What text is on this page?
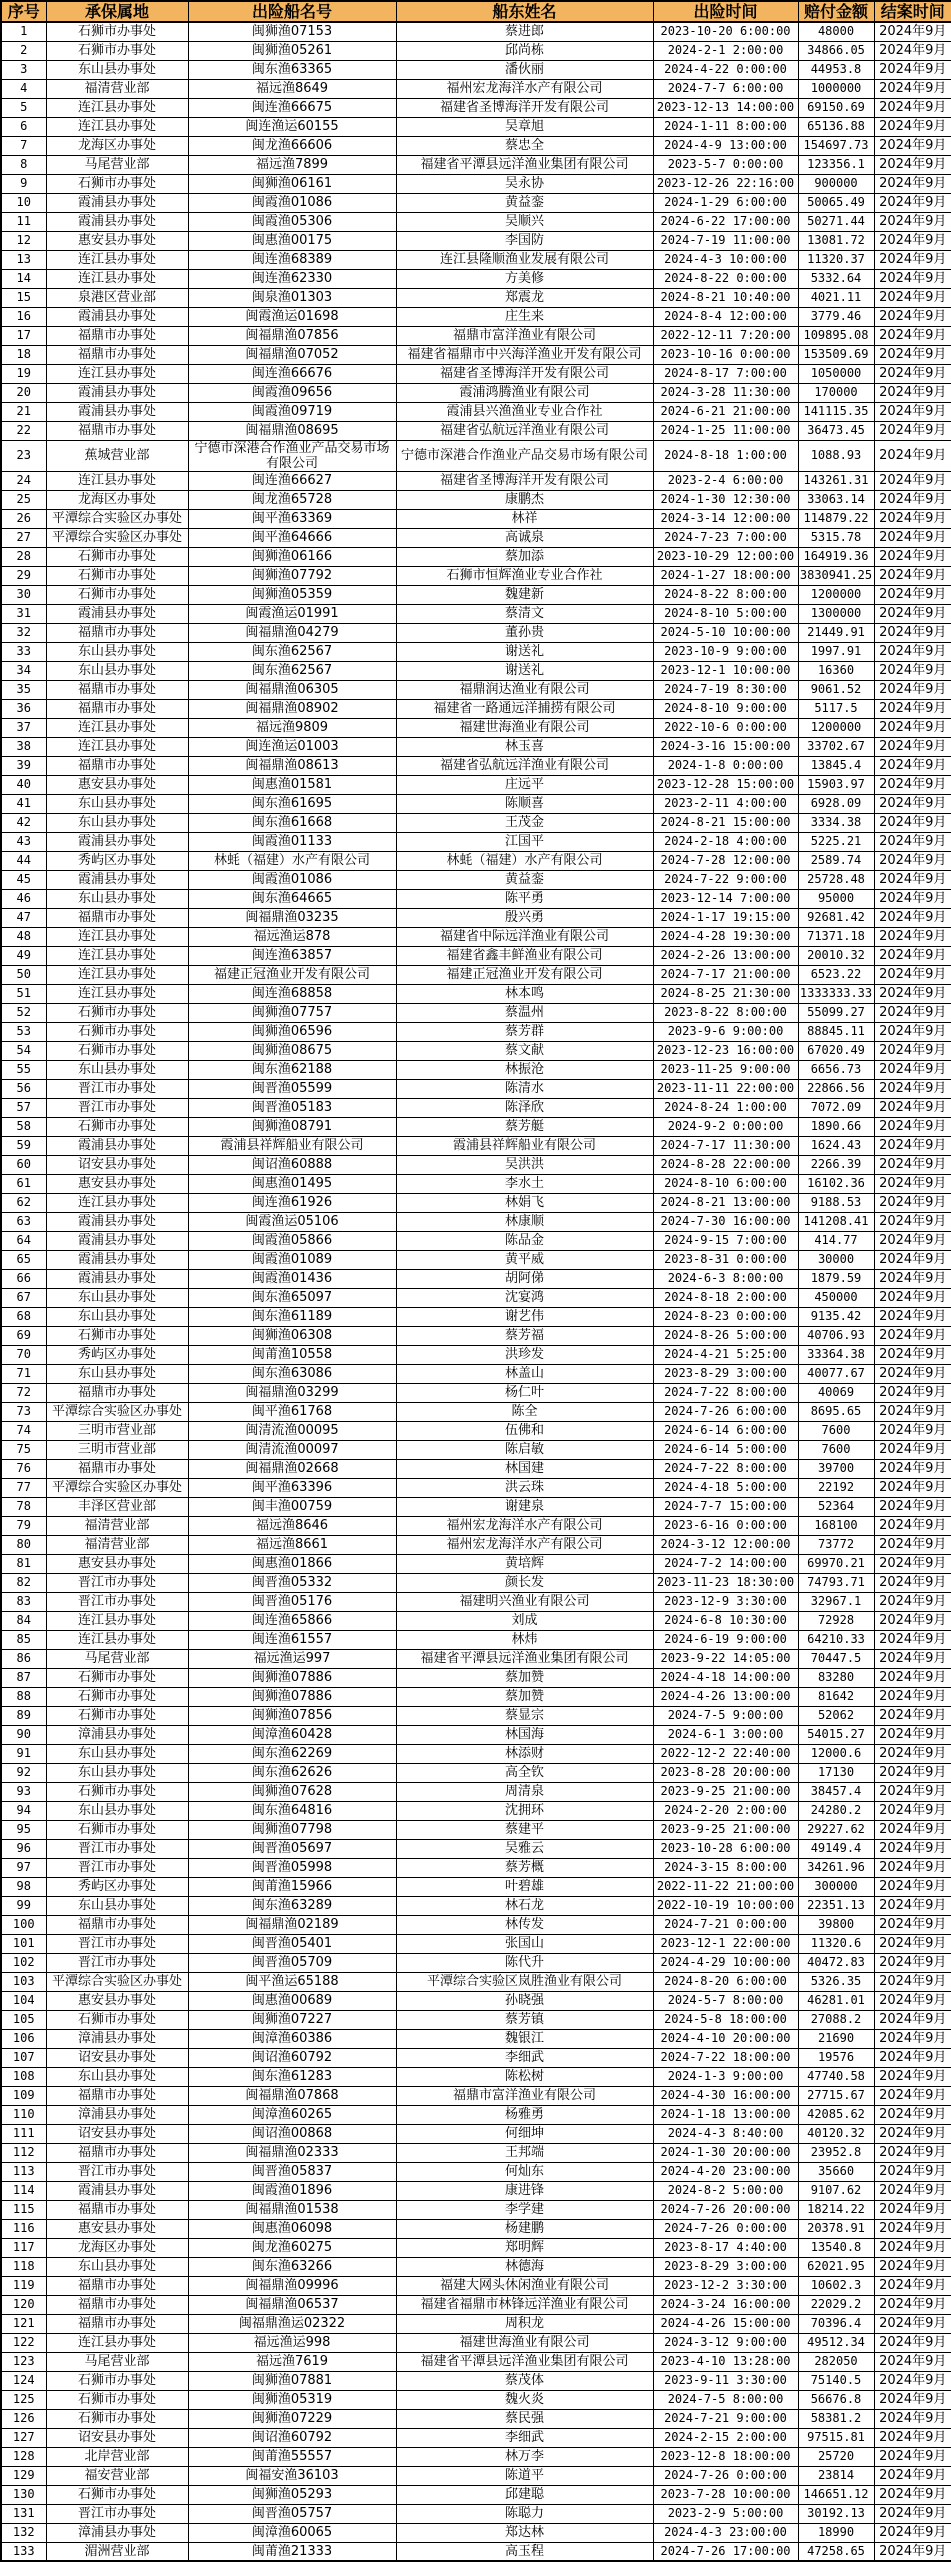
序号	承保属地	出险船名号	船东姓名	出险时间	赔付金额	结案时间
1	石狮市办事处	闽狮渔07153	蔡进郎	2023-10-20 6:00:00	48000	2024年9月
2	石狮市办事处	闽狮渔05261	邱尚栋	2024-2-1 2:00:00	34866.05	2024年9月
3	东山县办事处	闽东渔63365	潘伙丽	2024-4-22 0:00:00	44953.8	2024年9月
4	福清营业部	福远渔8649	福州宏龙海洋水产有限公司	2024-7-7 6:00:00	1000000	2024年9月
5	连江县办事处	闽连渔66675	福建省圣博海洋开发有限公司	2023-12-13 14:00:00	69150.69	2024年9月
6	连江县办事处	闽连渔运60155	吴章旭	2024-1-11 8:00:00	65136.88	2024年9月
7	龙海区办事处	闽龙渔66606	蔡忠全	2024-4-9 13:00:00	154697.73	2024年9月
8	马尾营业部	福远渔7899	福建省平潭县远洋渔业集团有限公司	2023-5-7 0:00:00	123356.1	2024年9月
9	石狮市办事处	闽狮渔06161	吴永协	2023-12-26 22:16:00	900000	2024年9月
10	霞浦县办事处	闽霞渔01086	黄益銮	2024-1-29 6:00:00	50065.49	2024年9月
11	霞浦县办事处	闽霞渔05306	吴顺兴	2024-6-22 17:00:00	50271.44	2024年9月
12	惠安县办事处	闽惠渔00175	李国防	2024-7-19 11:00:00	13081.72	2024年9月
13	连江县办事处	闽连渔68389	连江县隆顺渔业发展有限公司	2024-4-3 10:00:00	11320.37	2024年9月
14	连江县办事处	闽连渔62330	方美修	2024-8-22 0:00:00	5332.64	2024年9月
15	泉港区营业部	闽泉渔01303	郑震龙	2024-8-21 10:40:00	4021.11	2024年9月
16	霞浦县办事处	闽霞渔运01698	庄生来	2024-8-4 12:00:00	3779.46	2024年9月
17	福鼎市办事处	闽福鼎渔07856	福鼎市富洋渔业有限公司	2022-12-11 7:20:00	109895.08	2024年9月
18	福鼎市办事处	闽福鼎渔07052	福建省福鼎市中兴海洋渔业开发有限公司	2023-10-16 0:00:00	153509.69	2024年9月
19	连江县办事处	闽连渔66676	福建省圣博海洋开发有限公司	2024-8-17 7:00:00	1050000	2024年9月
20	霞浦县办事处	闽霞渔09656	霞浦鸿腾渔业有限公司	2024-3-28 11:30:00	170000	2024年9月
21	霞浦县办事处	闽霞渔09719	霞浦县兴渔渔业专业合作社	2024-6-21 21:00:00	141115.35	2024年9月
22	福鼎市办事处	闽福鼎渔08695	福建省弘航远洋渔业有限公司	2024-1-25 11:00:00	36473.45	2024年9月
23	蕉城营业部	宁德市深港合作渔业产品交易市场有限公司	宁德市深港合作渔业产品交易市场有限公司	2024-8-18 1:00:00	1088.93	2024年9月
24	连江县办事处	闽连渔66627	福建省圣博海洋开发有限公司	2023-2-4 6:00:00	143261.31	2024年9月
25	龙海区办事处	闽龙渔65728	康鹏杰	2024-1-30 12:30:00	33063.14	2024年9月
26	平潭综合实验区办事处	闽平渔63369	林祥	2024-3-14 12:00:00	114879.22	2024年9月
27	平潭综合实验区办事处	闽平渔64666	高诚泉	2024-7-23 7:00:00	5315.78	2024年9月
28	石狮市办事处	闽狮渔06166	蔡加添	2023-10-29 12:00:00	164919.36	2024年9月
29	石狮市办事处	闽狮渔07792	石狮市恒辉渔业专业合作社	2024-1-27 18:00:00	3830941.25	2024年9月
30	石狮市办事处	闽狮渔05359	魏建新	2024-8-22 8:00:00	1200000	2024年9月
31	霞浦县办事处	闽霞渔运01991	蔡清文	2024-8-10 5:00:00	1300000	2024年9月
32	福鼎市办事处	闽福鼎渔04279	董孙贵	2024-5-10 10:00:00	21449.91	2024年9月
33	东山县办事处	闽东渔62567	谢送礼	2023-10-9 9:00:00	1997.91	2024年9月
34	东山县办事处	闽东渔62567	谢送礼	2023-12-1 10:00:00	16360	2024年9月
35	福鼎市办事处	闽福鼎渔06305	福鼎润达渔业有限公司	2024-7-19 8:30:00	9061.52	2024年9月
36	福鼎市办事处	闽福鼎渔08902	福建省一路通远洋捕捞有限公司	2024-8-10 9:00:00	5117.5	2024年9月
37	连江县办事处	福远渔9809	福建世海渔业有限公司	2022-10-6 0:00:00	1200000	2024年9月
38	连江县办事处	闽连渔运01003	林玉喜	2024-3-16 15:00:00	33702.67	2024年9月
39	福鼎市办事处	闽福鼎渔08613	福建省弘航远洋渔业有限公司	2024-1-8 0:00:00	13845.4	2024年9月
40	惠安县办事处	闽惠渔01581	庄远平	2023-12-28 15:00:00	15903.97	2024年9月
41	东山县办事处	闽东渔61695	陈顺喜	2023-2-11 4:00:00	6928.09	2024年9月
42	东山县办事处	闽东渔61668	王茂金	2024-8-21 15:00:00	3334.38	2024年9月
43	霞浦县办事处	闽霞渔01133	江国平	2024-2-18 4:00:00	5225.21	2024年9月
44	秀屿区办事处	林蚝（福建）水产有限公司	林蚝（福建）水产有限公司	2024-7-28 12:00:00	2589.74	2024年9月
45	霞浦县办事处	闽霞渔01086	黄益銮	2024-7-22 9:00:00	25728.48	2024年9月
46	东山县办事处	闽东渔64665	陈平勇	2023-12-14 7:00:00	95000	2024年9月
47	福鼎市办事处	闽福鼎渔03235	殷兴勇	2024-1-17 19:15:00	92681.42	2024年9月
48	连江县办事处	福远渔运878	福建省中际远洋渔业有限公司	2024-4-28 19:30:00	71371.18	2024年9月
49	连江县办事处	闽连渔63857	福建省鑫丰鲜渔业有限公司	2024-2-26 13:00:00	20010.32	2024年9月
50	连江县办事处	福建正冠渔业开发有限公司	福建正冠渔业开发有限公司	2024-7-17 21:00:00	6523.22	2024年9月
51	连江县办事处	闽连渔68858	林本鸣	2024-8-25 21:30:00	1333333.33	2024年9月
52	石狮市办事处	闽狮渔07757	蔡温州	2023-8-22 8:00:00	55099.27	2024年9月
53	石狮市办事处	闽狮渔06596	蔡芳群	2023-9-6 9:00:00	88845.11	2024年9月
54	石狮市办事处	闽狮渔08675	蔡文献	2023-12-23 16:00:00	67020.49	2024年9月
55	东山县办事处	闽东渔62188	林振沧	2023-11-25 9:00:00	6656.73	2024年9月
56	晋江市办事处	闽晋渔05599	陈清水	2023-11-11 22:00:00	22866.56	2024年9月
57	晋江市办事处	闽晋渔05183	陈泽欣	2024-8-24 1:00:00	7072.09	2024年9月
58	石狮市办事处	闽狮渔08791	蔡芳艇	2024-9-2 0:00:00	1890.66	2024年9月
59	霞浦县办事处	霞浦县祥辉船业有限公司	霞浦县祥辉船业有限公司	2024-7-17 11:30:00	1624.43	2024年9月
60	诏安县办事处	闽诏渔60888	吴洪洪	2024-8-28 22:00:00	2266.39	2024年9月
61	惠安县办事处	闽惠渔01495	李水土	2024-8-10 6:00:00	16102.36	2024年9月
62	连江县办事处	闽连渔61926	林娟飞	2024-8-21 13:00:00	9188.53	2024年9月
63	霞浦县办事处	闽霞渔运05106	林康顺	2024-7-30 16:00:00	141208.41	2024年9月
64	霞浦县办事处	闽霞渔05866	陈品金	2024-9-15 7:00:00	414.77	2024年9月
65	霞浦县办事处	闽霞渔01089	黄平威	2023-8-31 0:00:00	30000	2024年9月
66	霞浦县办事处	闽霞渔01436	胡阿俤	2024-6-3 8:00:00	1879.59	2024年9月
67	东山县办事处	闽东渔65097	沈宴鸿	2024-8-18 2:00:00	450000	2024年9月
68	东山县办事处	闽东渔61189	谢艺伟	2024-8-23 0:00:00	9135.42	2024年9月
69	石狮市办事处	闽狮渔06308	蔡芳福	2024-8-26 5:00:00	40706.93	2024年9月
70	秀屿区办事处	闽莆渔10558	洪珍发	2024-4-21 5:25:00	33364.38	2024年9月
71	东山县办事处	闽东渔63086	林盖山	2023-8-29 3:00:00	40077.67	2024年9月
72	福鼎市办事处	闽福鼎渔03299	杨仁叶	2024-7-22 8:00:00	40069	2024年9月
73	平潭综合实验区办事处	闽平渔61768	陈全	2024-7-26 6:00:00	8695.65	2024年9月
74	三明市营业部	闽清流渔00095	伍佛和	2024-6-14 6:00:00	7600	2024年9月
75	三明市营业部	闽清流渔00097	陈启敏	2024-6-14 5:00:00	7600	2024年9月
76	福鼎市办事处	闽福鼎渔02668	林国建	2024-7-22 8:00:00	39700	2024年9月
77	平潭综合实验区办事处	闽平渔63396	洪云珠	2024-4-18 5:00:00	22192	2024年9月
78	丰泽区营业部	闽丰渔00759	谢建泉	2024-7-7 15:00:00	52364	2024年9月
79	福清营业部	福远渔8646	福州宏龙海洋水产有限公司	2023-6-16 0:00:00	168100	2024年9月
80	福清营业部	福远渔8661	福州宏龙海洋水产有限公司	2024-3-12 12:00:00	73772	2024年9月
81	惠安县办事处	闽惠渔01866	黄培辉	2024-7-2 14:00:00	69970.21	2024年9月
82	晋江市办事处	闽晋渔05332	颜长发	2023-11-23 18:30:00	74793.71	2024年9月
83	晋江市办事处	闽晋渔05176	福建明兴渔业有限公司	2023-12-9 3:30:00	32967.1	2024年9月
84	连江县办事处	闽连渔65866	刘成	2024-6-8 10:30:00	72928	2024年9月
85	连江县办事处	闽连渔61557	林炜	2024-6-19 9:00:00	64210.33	2024年9月
86	马尾营业部	福远渔运997	福建省平潭县远洋渔业集团有限公司	2023-9-22 14:05:00	70447.5	2024年9月
87	石狮市办事处	闽狮渔07886	蔡加赞	2024-4-18 14:00:00	83280	2024年9月
88	石狮市办事处	闽狮渔07886	蔡加赞	2024-4-26 13:00:00	81642	2024年9月
89	石狮市办事处	闽狮渔07856	蔡显宗	2024-7-5 9:00:00	52062	2024年9月
90	漳浦县办事处	闽漳渔60428	林国海	2024-6-1 3:00:00	54015.27	2024年9月
91	东山县办事处	闽东渔62269	林添财	2022-12-2 22:40:00	12000.6	2024年9月
92	东山县办事处	闽东渔62626	高全钦	2023-8-28 20:00:00	17130	2024年9月
93	石狮市办事处	闽狮渔07628	周清泉	2023-9-25 21:00:00	38457.4	2024年9月
94	东山县办事处	闽东渔64816	沈拥环	2024-2-20 2:00:00	24280.2	2024年9月
95	石狮市办事处	闽狮渔07798	蔡建平	2023-9-25 21:00:00	29227.62	2024年9月
96	晋江市办事处	闽晋渔05697	吴雅云	2023-10-28 6:00:00	49149.4	2024年9月
97	晋江市办事处	闽晋渔05998	蔡芳概	2024-3-15 8:00:00	34261.96	2024年9月
98	秀屿区办事处	闽莆渔15966	叶碧雄	2022-11-22 21:00:00	300000	2024年9月
99	东山县办事处	闽东渔63289	林石龙	2022-10-19 10:00:00	22351.13	2024年9月
100	福鼎市办事处	闽福鼎渔02189	林传发	2024-7-21 0:00:00	39800	2024年9月
101	晋江市办事处	闽晋渔05401	张国山	2023-12-1 22:00:00	11320.6	2024年9月
102	晋江市办事处	闽晋渔05709	陈代升	2024-4-29 10:00:00	40472.83	2024年9月
103	平潭综合实验区办事处	闽平渔运65188	平潭综合实验区岚胜渔业有限公司	2024-8-20 6:00:00	5326.35	2024年9月
104	惠安县办事处	闽惠渔00689	孙晓强	2024-5-7 8:00:00	46281.01	2024年9月
105	石狮市办事处	闽狮渔07227	蔡芳镇	2024-5-8 18:00:00	27088.2	2024年9月
106	漳浦县办事处	闽漳渔60386	魏银江	2024-4-10 20:00:00	21690	2024年9月
107	诏安县办事处	闽诏渔60792	李细武	2024-7-22 18:00:00	19576	2024年9月
108	东山县办事处	闽东渔61283	陈松树	2024-1-3 9:00:00	47740.58	2024年9月
109	福鼎市办事处	闽福鼎渔07868	福鼎市富洋渔业有限公司	2024-4-30 16:00:00	27715.67	2024年9月
110	漳浦县办事处	闽漳渔60265	杨雅勇	2024-1-18 13:00:00	42085.62	2024年9月
111	诏安县办事处	闽诏渔00868	何细坤	2024-4-3 8:40:00	40120.32	2024年9月
112	福鼎市办事处	闽福鼎渔02333	王邦端	2024-1-30 20:00:00	23952.8	2024年9月
113	晋江市办事处	闽晋渔05837	何灿东	2024-4-20 23:00:00	35660	2024年9月
114	霞浦县办事处	闽霞渔01896	康进锋	2024-8-2 5:00:00	9107.62	2024年9月
115	福鼎市办事处	闽福鼎渔01538	李学建	2024-7-26 20:00:00	18214.22	2024年9月
116	惠安县办事处	闽惠渔06098	杨建鹏	2024-7-26 0:00:00	20378.91	2024年9月
117	龙海区办事处	闽龙渔60275	郑明辉	2023-8-17 4:40:00	13540.8	2024年9月
118	东山县办事处	闽东渔63266	林德海	2023-8-29 3:00:00	62021.95	2024年9月
119	福鼎市办事处	闽福鼎渔09996	福建大网头休闲渔业有限公司	2023-12-2 3:30:00	10602.3	2024年9月
120	福鼎市办事处	闽福鼎渔06537	福建省福鼎市林锋远洋渔业有限公司	2024-3-24 16:00:00	22029.2	2024年9月
121	福鼎市办事处	闽福鼎渔运02322	周积龙	2024-4-26 15:00:00	70396.4	2024年9月
122	连江县办事处	福远渔运998	福建世海渔业有限公司	2024-3-12 9:00:00	49512.34	2024年9月
123	马尾营业部	福远渔7619	福建省平潭县远洋渔业集团有限公司	2023-4-10 13:28:00	282050	2024年9月
124	石狮市办事处	闽狮渔07881	蔡茂体	2023-9-11 3:30:00	75140.5	2024年9月
125	石狮市办事处	闽狮渔05319	魏火炎	2024-7-5 8:00:00	56676.8	2024年9月
126	石狮市办事处	闽狮渔07229	蔡民强	2024-7-21 9:00:00	58381.2	2024年9月
127	诏安县办事处	闽诏渔60792	李细武	2024-2-15 2:00:00	97515.81	2024年9月
128	北岸营业部	闽莆渔55557	林万李	2023-12-8 18:00:00	25720	2024年9月
129	福安营业部	闽福安渔36103	陈道平	2024-7-26 0:00:00	23814	2024年9月
130	石狮市办事处	闽狮渔05293	邱建聪	2023-7-28 10:00:00	146651.12	2024年9月
131	晋江市办事处	闽晋渔05757	陈聪力	2023-2-9 5:00:00	30192.13	2024年9月
132	漳浦县办事处	闽漳渔60065	郑达林	2024-4-3 23:00:00	18990	2024年9月
133	湄洲营业部	闽莆渔21333	高玉程	2024-7-26 17:00:00	47258.65	2024年9月
